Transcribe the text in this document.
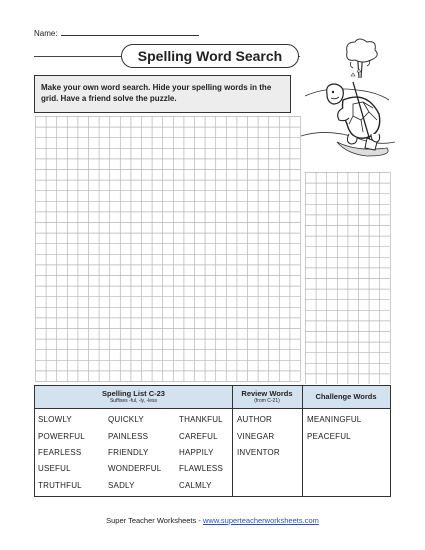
Name:
Spelling Word Search
Make your own word search. Hide your spelling words in the grid. Have a friend solve the puzzle.
Spelling List C-23
Suffixes -ful, -ly, -less
Review Words
(from C-21)	Challenge Words
SLOWLY
POWERFUL
FEARLESS
USEFUL
TRUTHFUL
QUICKLY
PAINLESS
FRIENDLY
WONDERFUL
SADLY
THANKFUL
CAREFUL
HAPPILY
FLAWLESS
CALMLY
AUTHOR
VINEGAR
INVENTOR
MEANINGFUL
PEACEFUL
Super Teacher Worksheets - www.superteacherworksheets.com
